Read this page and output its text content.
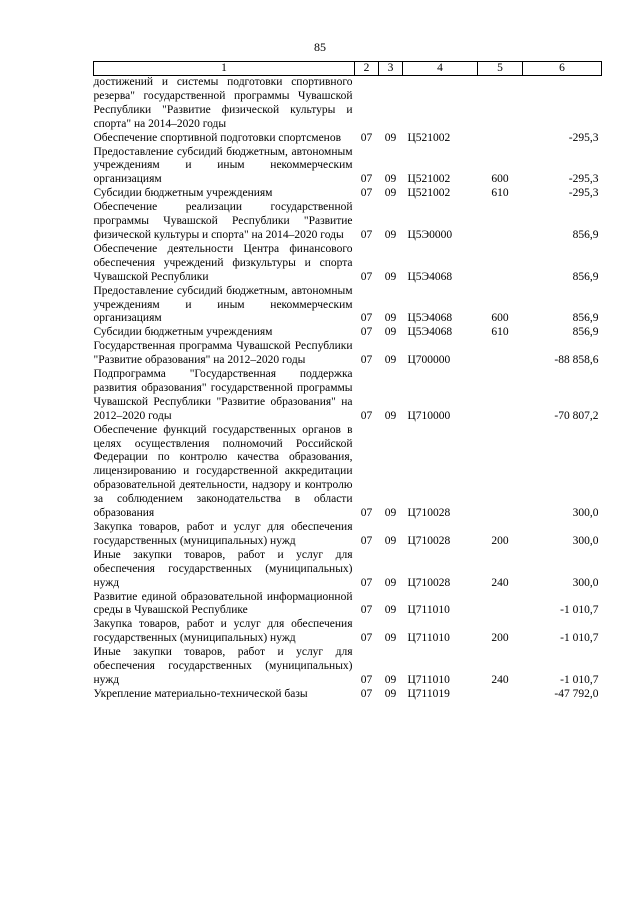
85
1	2	3	4	5	6
достижений и системы подготовки спортивного резерва" государственной программы Чувашской Республики "Развитие физической культуры и спорта" на 2014–2020 годы					
Обеспечение спортивной подготовки спортсменов	07	09	Ц521002		-295,3
Предоставление субсидий бюджетным, автономным учреждениям и иным некоммерческим организациям	07	09	Ц521002	600	-295,3
Субсидии бюджетным учреждениям	07	09	Ц521002	610	-295,3
Обеспечение реализации государственной программы Чувашской Республики "Развитие физической культуры и спорта" на 2014–2020 годы	07	09	Ц5Э0000		856,9
Обеспечение деятельности Центра финансового обеспечения учреждений физкультуры и спорта Чувашской Республики	07	09	Ц5Э4068		856,9
Предоставление субсидий бюджетным, автономным учреждениям и иным некоммерческим организациям	07	09	Ц5Э4068	600	856,9
Субсидии бюджетным учреждениям	07	09	Ц5Э4068	610	856,9
Государственная программа Чувашской Республики "Развитие образования" на 2012–2020 годы	07	09	Ц700000		-88 858,6
Подпрограмма "Государственная поддержка развития образования" государственной программы Чувашской Республики "Развитие образования" на 2012–2020 годы	07	09	Ц710000		-70 807,2
Обеспечение функций государственных органов в целях осуществления полномочий Российской Федерации по контролю качества образования, лицензированию и государственной аккредитации образовательной деятельности, надзору и контролю за соблюдением законодательства в области образования	07	09	Ц710028		300,0
Закупка товаров, работ и услуг для обеспечения государственных (муниципальных) нужд	07	09	Ц710028	200	300,0
Иные закупки товаров, работ и услуг для обеспечения государственных (муниципальных) нужд	07	09	Ц710028	240	300,0
Развитие единой образовательной информационной среды в Чувашской Республике	07	09	Ц711010		-1 010,7
Закупка товаров, работ и услуг для обеспечения государственных (муниципальных) нужд	07	09	Ц711010	200	-1 010,7
Иные закупки товаров, работ и услуг для обеспечения государственных (муниципальных) нужд	07	09	Ц711010	240	-1 010,7
Укрепление материально-технической базы	07	09	Ц711019		-47 792,0
